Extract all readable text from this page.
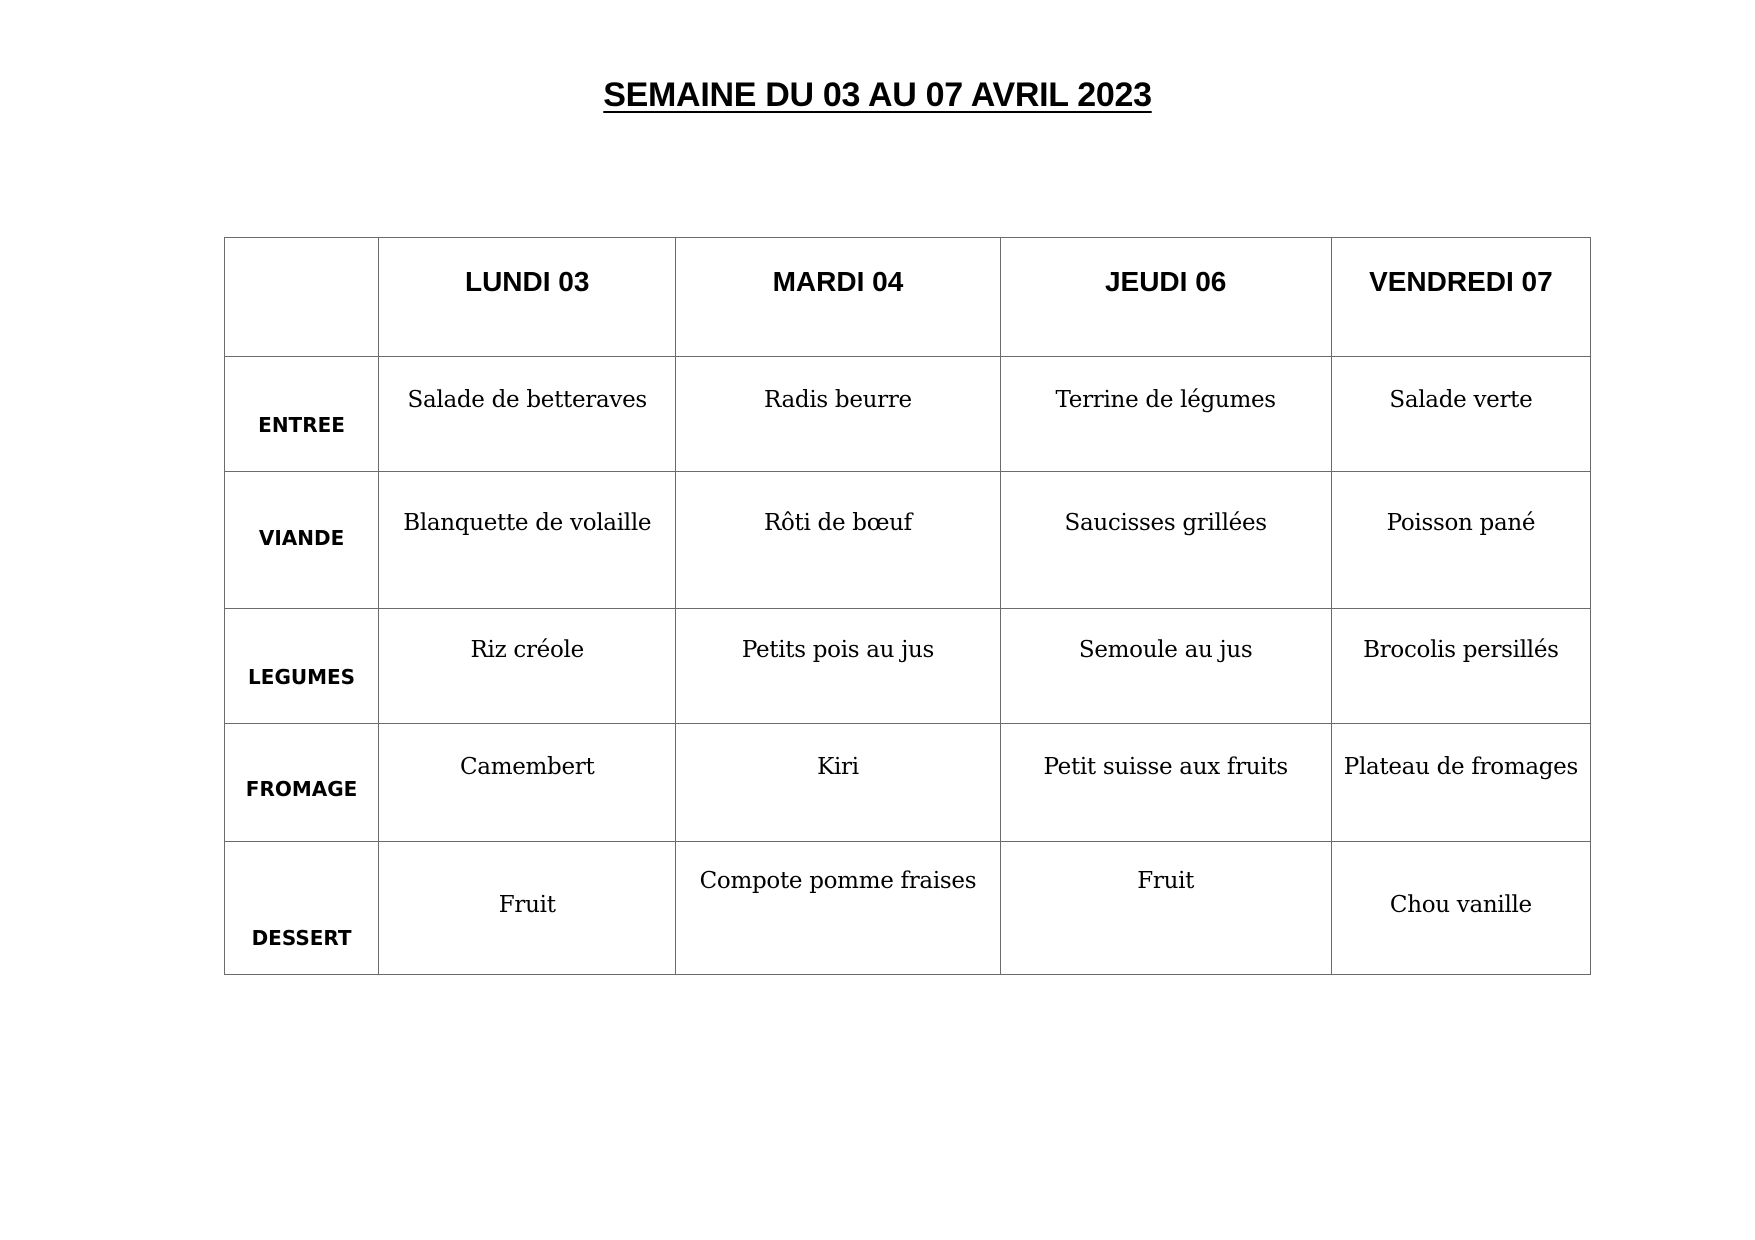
SEMAINE DU 03 AU 07 AVRIL 2023
	LUNDI 03	MARDI 04	JEUDI 06	VENDREDI 07
ENTREE	Salade de betteraves	Radis beurre	Terrine de légumes	Salade verte
VIANDE	Blanquette de volaille	Rôti de bœuf	Saucisses grillées	Poisson pané
LEGUMES	Riz créole	Petits pois au jus	Semoule au jus	Brocolis persillés
FROMAGE	Camembert	Kiri	Petit suisse aux fruits	Plateau de fromages
DESSERT	Fruit	Compote pomme fraises	Fruit	Chou vanille
